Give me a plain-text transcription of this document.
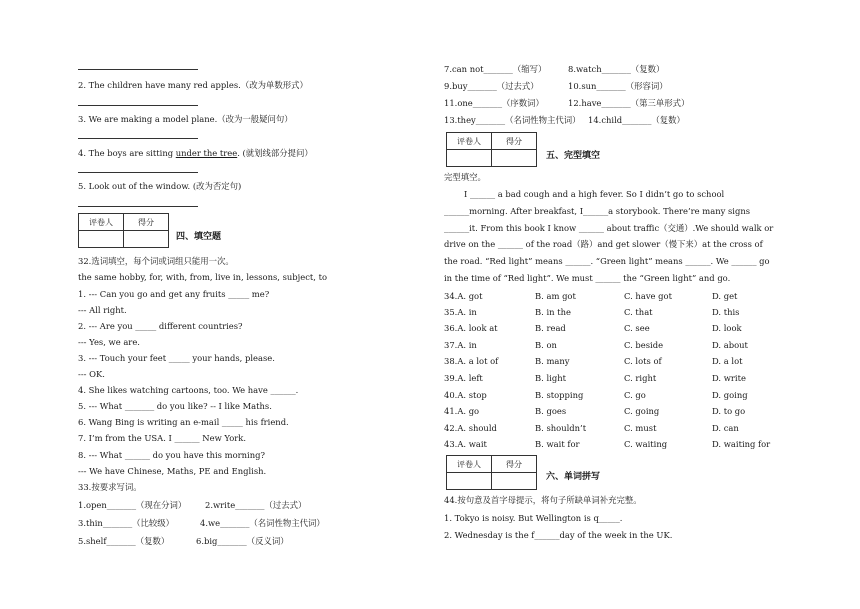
2. The children have many red apples.（改为单数形式）
3. We are making a model plane.（改为一般疑问句）
4. The boys are sitting under the tree. (就划线部分提问）
5. Look out of the window. (改为否定句)
评卷人	得分

四、填空题
32.选词填空，每个词或词组只能用一次。
the same hobby, for, with, from, live in, lessons, subject, to
1. --- Can you go and get any fruits _____ me?
--- All right.
2. --- Are you _____ different countries?
--- Yes, we are.
3. --- Touch your feet _____ your hands, please.
--- OK.
4. She likes watching cartoons, too. We have ______.
5. --- What _______ do you like? -- I like Maths.
6. Wang Bing is writing an e-mail _____ his friend.
7. I’m from the USA. I ______ New York.
8. --- What ______ do you have this morning?
--- We have Chinese, Maths, PE and English.
33.按要求写词。
1.open_______（现在分词） 2.write_______（过去式）
3.thin_______（比较级）	4.we_______（名词性物主代词）
5.shelf_______（复数）	6.big_______（反义词）
7.can not_______（缩写）	8.watch_______（复数）
9.buy_______（过去式）	10.sun_______（形容词）
11.one_______（序数词）	12.have_______（第三单形式）
13.they_______（名词性物主代词） 14.child_______（复数）
评卷人	得分

五、完型填空
完型填空。
I ______ a bad cough and a high fever. So I didn’t go to school ______morning. After breakfast, I______a storybook. There’re many signs ______it. From this book I know ______ about traffic（交通）.We should walk or drive on the ______ of the road（路）and get slower（慢下来）at the cross of the road. “Red light” means ______. “Green light” means ______. We ______ go in the time of “Red light”. We must ______ the “Green light” and go.
34.A. got	B. am got	C. have got	D. get
35.A. in	B. in the	C. that	D. this
36.A. look at	B. read	C. see	D. look
37.A. in	B. on	C. beside	D. about
38.A. a lot of	B. many	C. lots of	D. a lot
39.A. left	B. light	C. right	D. write
40.A. stop	B. stopping	C. go	D. going
41.A. go	B. goes	C. going	D. to go
42.A. should	B. shouldn’t	C. must	D. can
43.A. wait	B. wait for	C. waiting	D. waiting for
评卷人	得分

六、单词拼写
44.按句意及首字母提示，将句子所缺单词补充完整。
1. Tokyo is noisy. But Wellington is q_____.
2. Wednesday is the f______day of the week in the UK.
